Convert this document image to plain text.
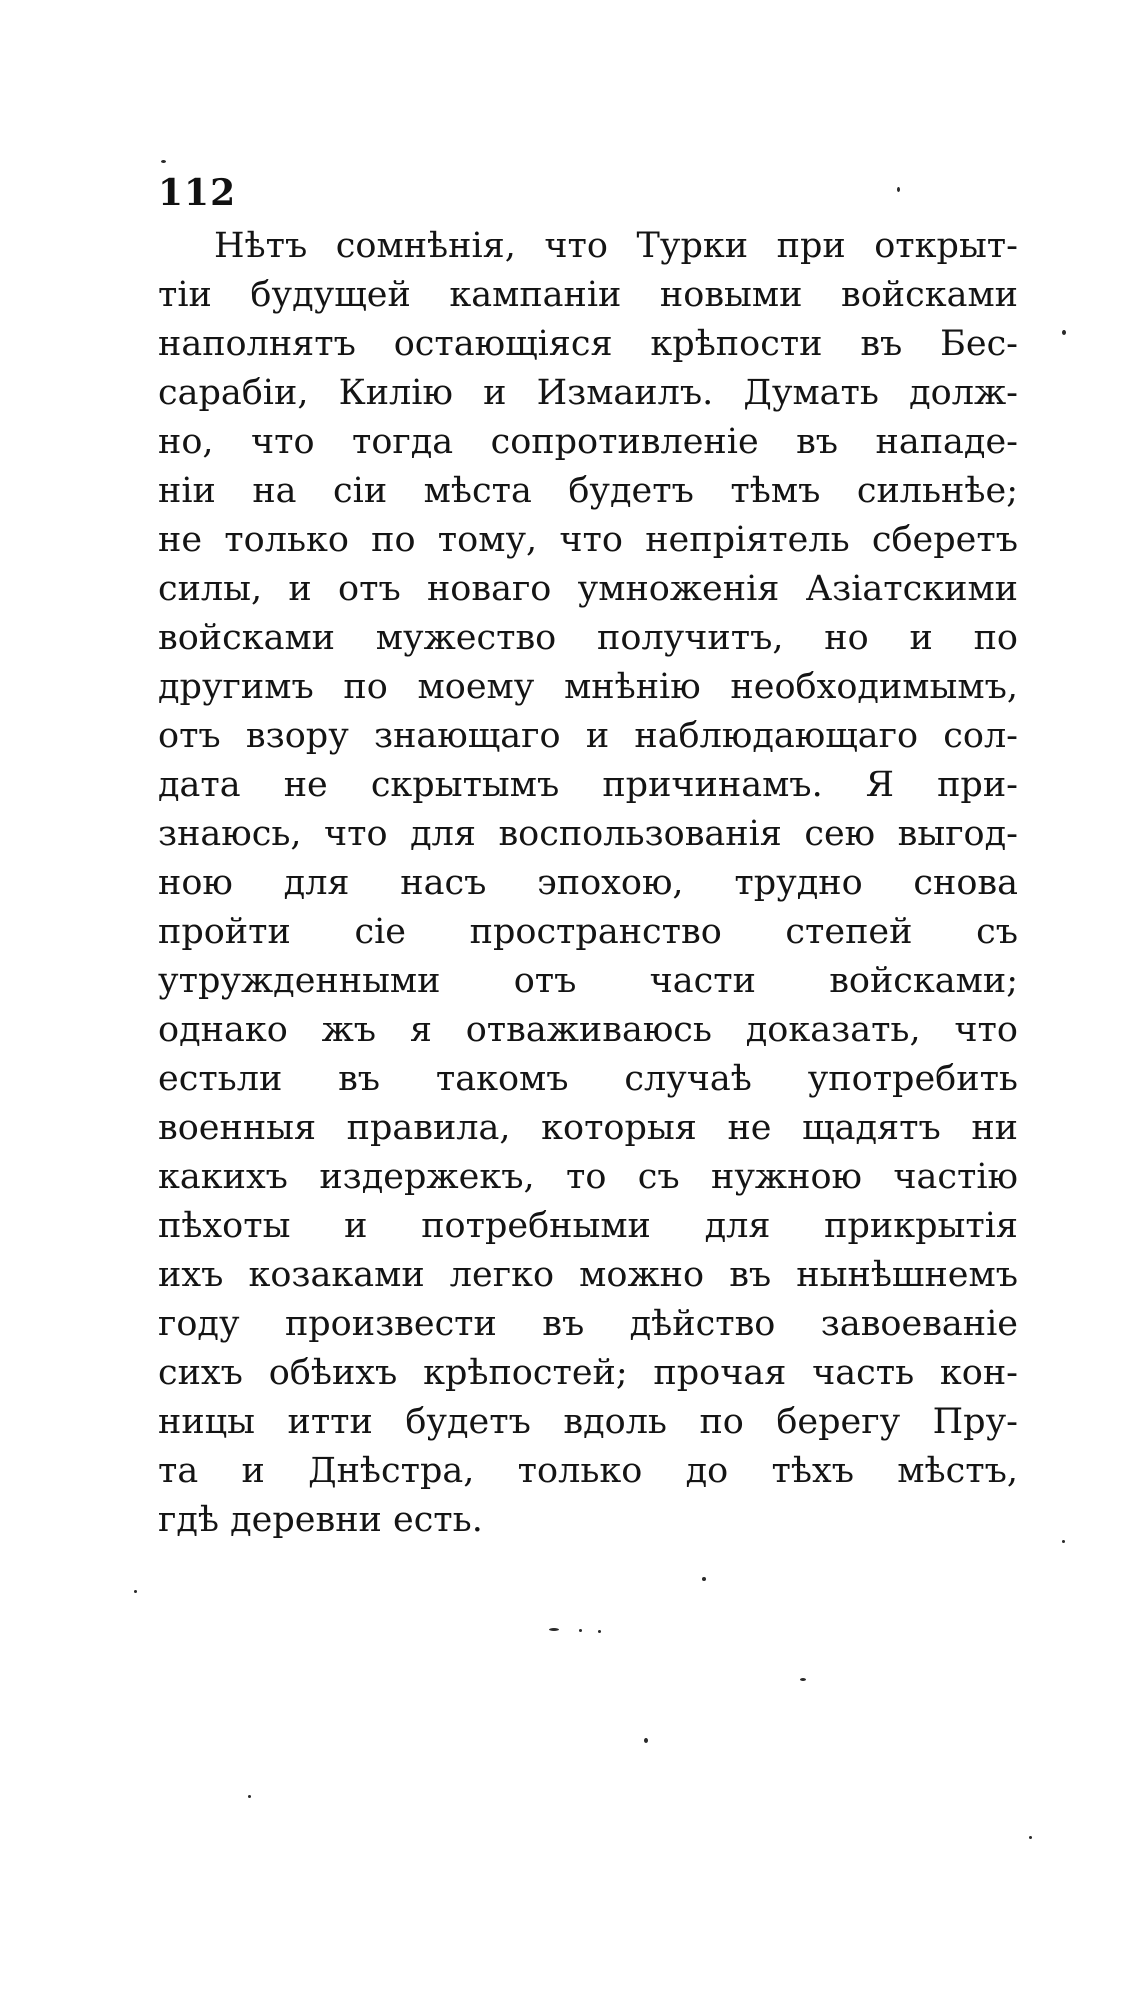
112
Нѣтъ сомнѣнія, что Турки при открыт-
тіи будущей кампаніи новыми войсками
наполнятъ остающіяся крѣпости въ Бес-
сарабіи, Килію и Измаилъ. Думать долж-
но, что тогда сопротивленіе въ нападе-
ніи на сіи мѣста будетъ тѣмъ сильнѣе;
не только по тому, что непріятель сберетъ
силы, и отъ новаго умноженія Азіатскими
войсками мужество получитъ, но и по
другимъ по моему мнѣнію необходимымъ,
отъ взору знающаго и наблюдающаго сол-
дата не скрытымъ причинамъ. Я при-
знаюсь, что для воспользованія сею выгод-
ною для насъ эпохою, трудно снова
пройти сіе пространство степей съ
утружденными отъ части войсками;
однако жъ я отваживаюсь доказать, что
естьли въ такомъ случаѣ употребить
военныя правила, которыя не щадятъ ни
какихъ издержекъ, то съ нужною частію
пѣхоты и потребными для прикрытія
ихъ козаками легко можно въ нынѣшнемъ
году произвести въ дѣйство завоеваніе
сихъ обѣихъ крѣпостей; прочая часть кон-
ницы итти будетъ вдоль по берегу Пру-
та и Днѣстра, только до тѣхъ мѣстъ,
гдѣ деревни есть.
